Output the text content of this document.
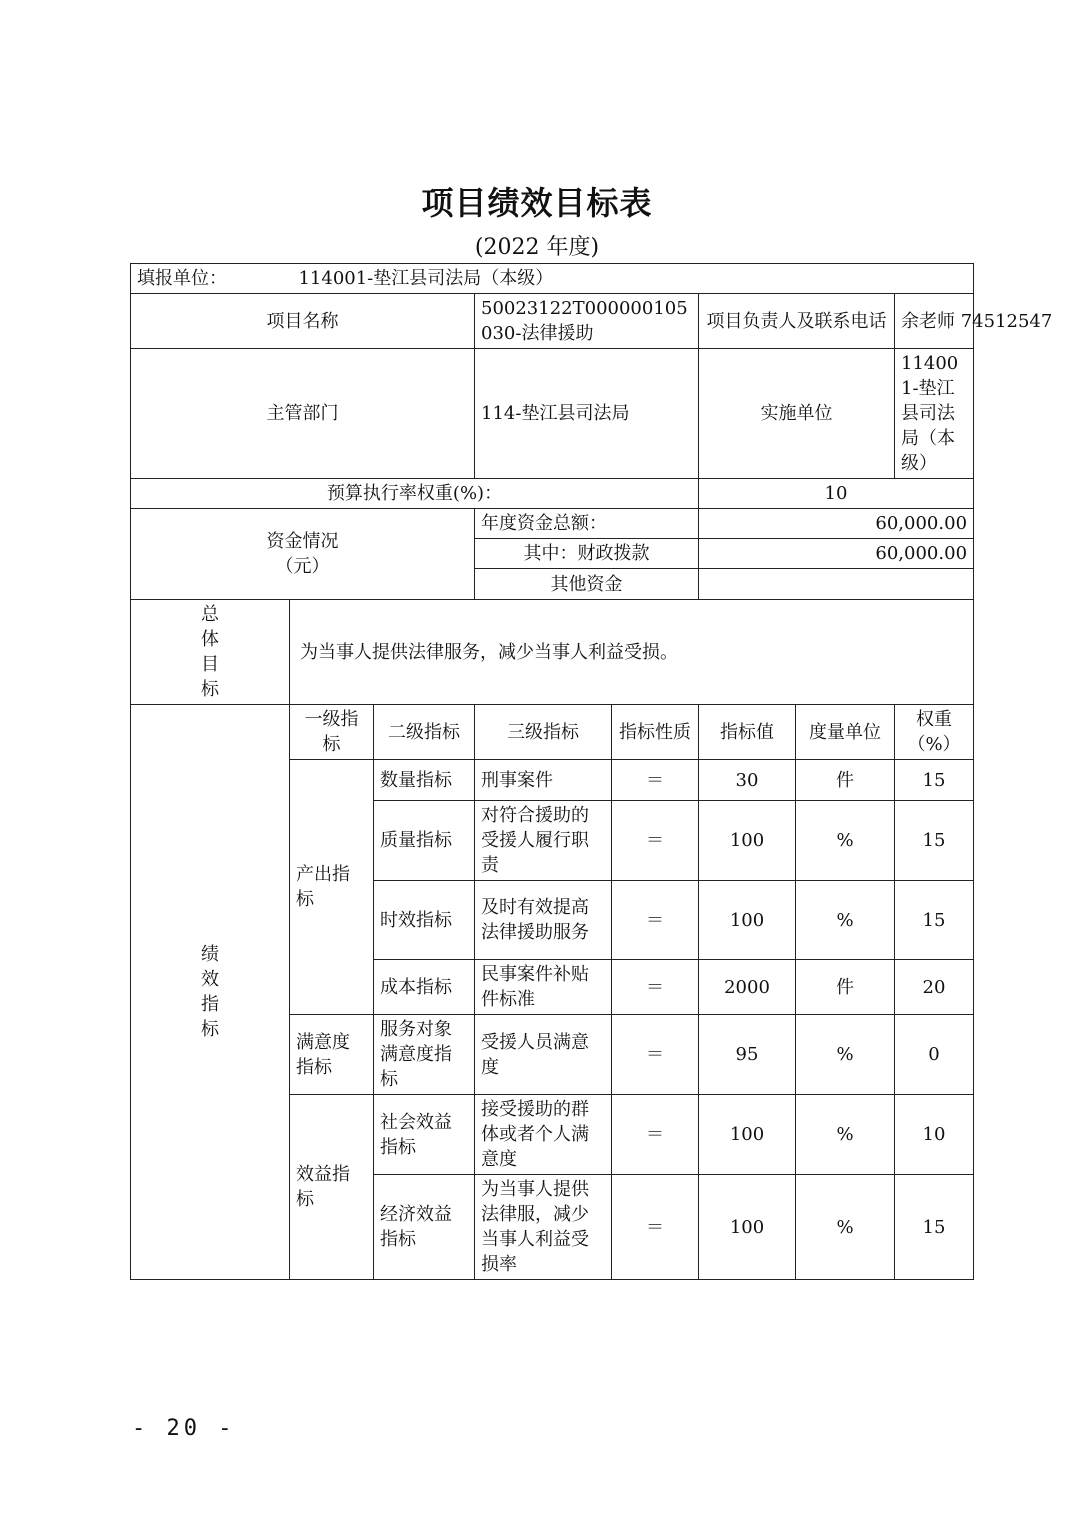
项目绩效目标表
(2022 年度)
填报单位： 114001-垫江县司法局（本级）							
项目名称			50023122T000000105030-法律援助		项目负责人及联系电话		余老师 74512547
主管部门			114-垫江县司法局		实施单位		114001-垫江县司法局（本级）
预算执行率权重(%)：					10		

资金情况
（元）			年度资金总额：		60,000.00		
			其中：财政拨款		60,000.00		
			其他资金				

总
体
目
标	为当事人提供法律服务，减少当事人利益受损。						

绩
效
指
标	一级指标	二级指标	三级指标	指标性质	指标值	度量单位	权重（%）
	产出指标	数量指标	刑事案件	＝	30	件	15
		质量指标	对符合援助的受援人履行职责	＝	100	%	15
		时效指标	及时有效提高法律援助服务	＝	100	%	15
		成本指标	民事案件补贴件标准	＝	2000	件	20
	满意度指标	服务对象满意度指标	受援人员满意度	＝	95	%	0
	效益指标	社会效益指标	接受援助的群体或者个人满意度	＝	100	%	10
		经济效益指标	为当事人提供法律服，减少当事人利益受损率	＝	100	%	15
- 20 -
